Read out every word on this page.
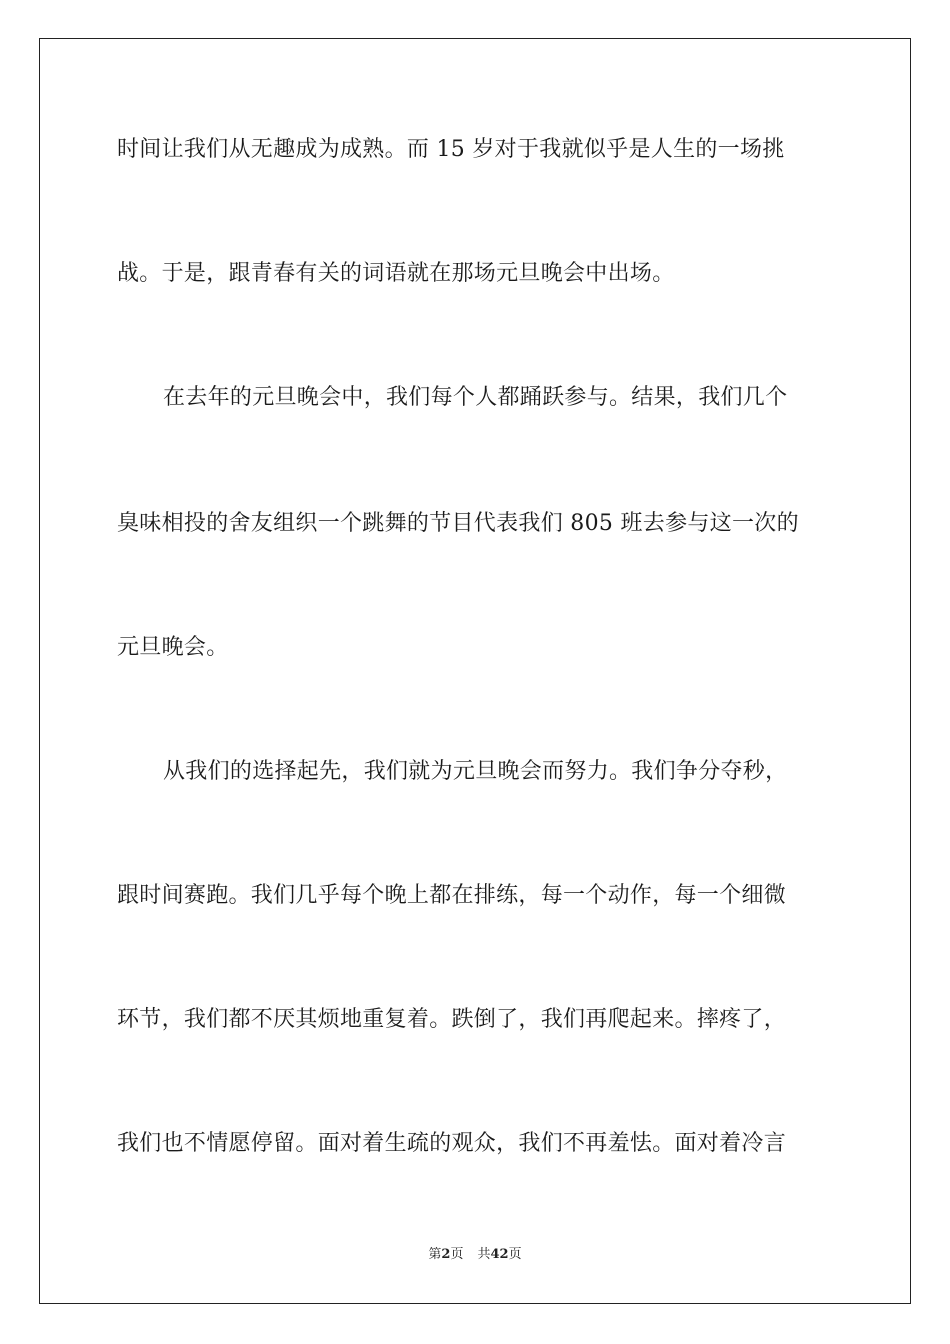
时间让我们从无趣成为成熟。而 15 岁对于我就似乎是人生的一场挑
战。于是，跟青春有关的词语就在那场元旦晚会中出场。
在去年的元旦晚会中，我们每个人都踊跃参与。结果，我们几个
臭味相投的舍友组织一个跳舞的节目代表我们 805 班去参与这一次的
元旦晚会。
从我们的选择起先，我们就为元旦晚会而努力。我们争分夺秒，
跟时间赛跑。我们几乎每个晚上都在排练，每一个动作，每一个细微
环节，我们都不厌其烦地重复着。跌倒了，我们再爬起来。摔疼了，
我们也不情愿停留。面对着生疏的观众，我们不再羞怯。面对着冷言
第2页 共42页
